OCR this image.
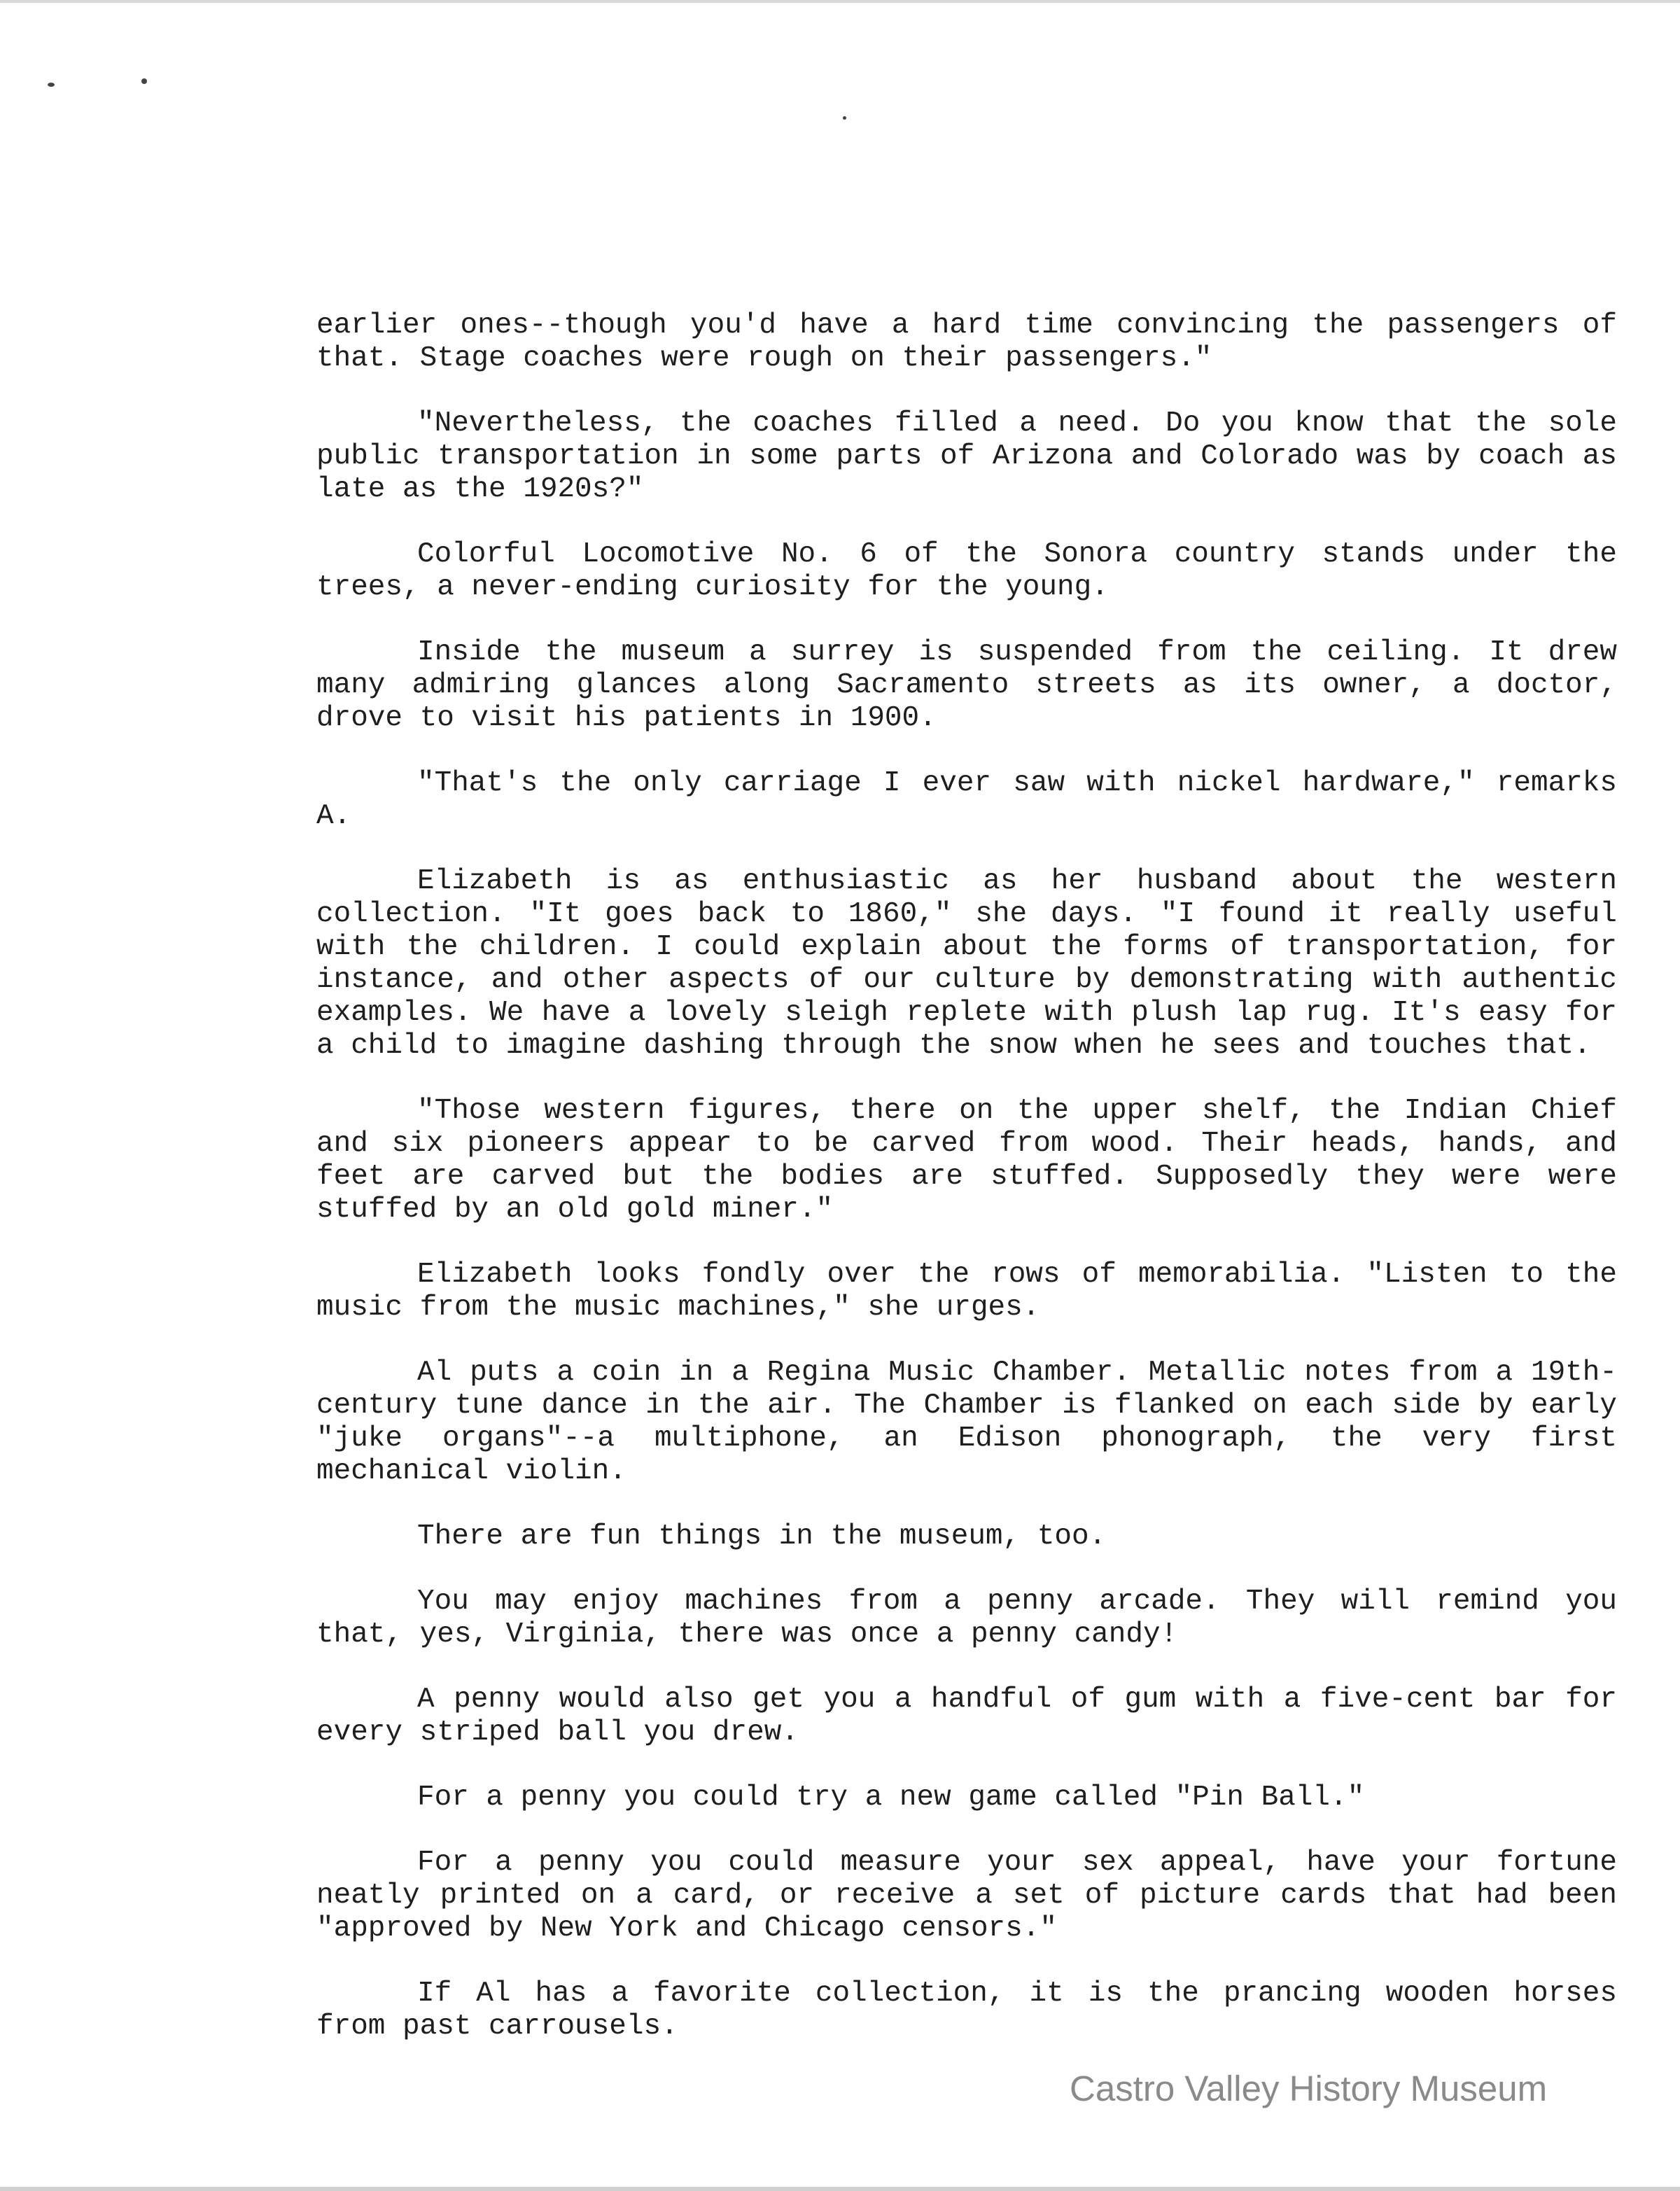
earlier ones--though you'd have a hard time convincing the passengers of that. Stage coaches were rough on their passengers."

"Nevertheless, the coaches filled a need. Do you know that the sole public transportation in some parts of Arizona and Colorado was by coach as late as the 1920s?"

Colorful Locomotive No. 6 of the Sonora country stands under the trees, a never-ending curiosity for the young.

Inside the museum a surrey is suspended from the ceiling. It drew many admiring glances along Sacramento streets as its owner, a doctor, drove to visit his patients in 1900.

"That's the only carriage I ever saw with nickel hardware," remarks A.

Elizabeth is as enthusiastic as her husband about the western collection. "It goes back to 1860," she days. "I found it really useful with the children. I could explain about the forms of transportation, for instance, and other aspects of our culture by demonstrating with authentic examples. We have a lovely sleigh replete with plush lap rug. It's easy for a child to imagine dashing through the snow when he sees and touches that.

"Those western figures, there on the upper shelf, the Indian Chief and six pioneers appear to be carved from wood. Their heads, hands, and feet are carved but the bodies are stuffed. Supposedly they were were stuffed by an old gold miner."

Elizabeth looks fondly over the rows of memorabilia. "Listen to the music from the music machines," she urges.

Al puts a coin in a Regina Music Chamber. Metallic notes from a 19th-century tune dance in the air. The Chamber is flanked on each side by early "juke organs"--a multiphone, an Edison phonograph, the very first mechanical violin.

There are fun things in the museum, too.

You may enjoy machines from a penny arcade. They will remind you that, yes, Virginia, there was once a penny candy!

A penny would also get you a handful of gum with a five-cent bar for every striped ball you drew.

For a penny you could try a new game called "Pin Ball."

For a penny you could measure your sex appeal, have your fortune neatly printed on a card, or receive a set of picture cards that had been "approved by New York and Chicago censors."

If Al has a favorite collection, it is the prancing wooden horses from past carrousels.

Castro Valley History Museum
